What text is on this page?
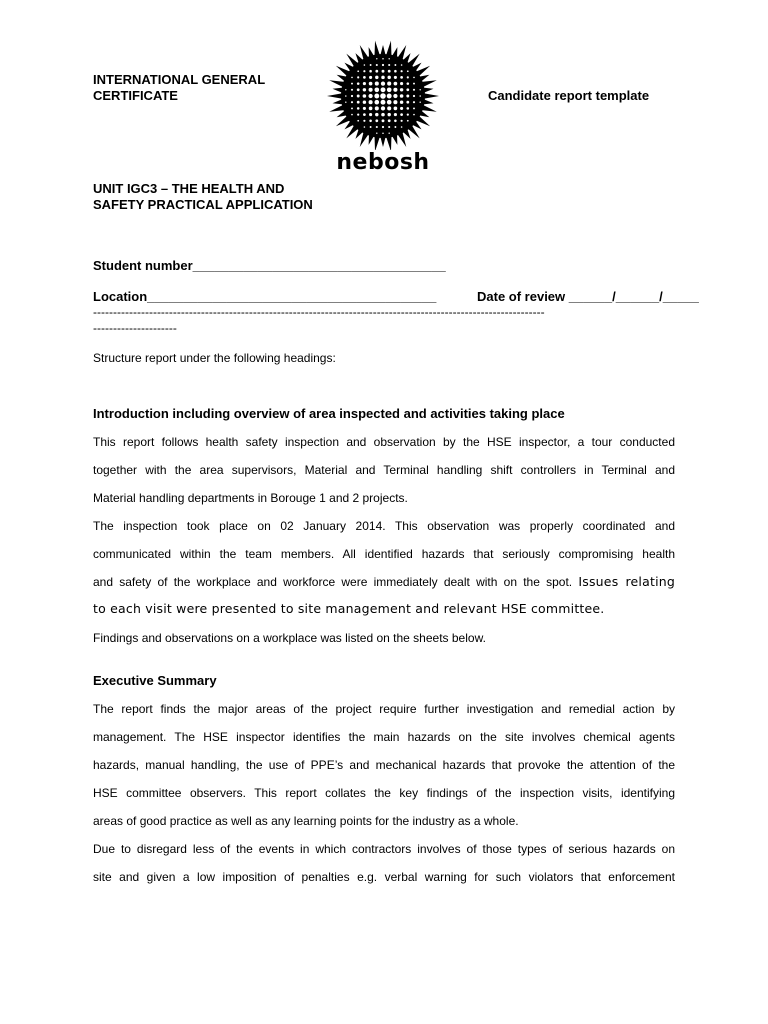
INTERNATIONAL GENERAL
CERTIFICATE
nebosh
Candidate report template
UNIT IGC3 – THE HEALTH AND
SAFETY PRACTICAL APPLICATION
Student number___________________________________
Location________________________________________	Date of review ______/______/_____
-----------------------------------------------------------------------------------------------------------------
---------------------
Structure report under the following headings:
Introduction including overview of area inspected and activities taking place
This report follows health safety inspection and observation by the HSE inspector, a tour conducted
together with the area supervisors, Material and Terminal handling shift controllers in Terminal and
Material handling departments in Borouge 1 and 2 projects.
The inspection took place on 02 January 2014. This observation was properly coordinated and
communicated within the team members. All identified hazards that seriously compromising health
and safety of the workplace and workforce were immediately dealt with on the spot. Issues relating
to each visit were presented to site management and relevant HSE committee.
Findings and observations on a workplace was listed on the sheets below.
Executive Summary
The report finds the major areas of the project require further investigation and remedial action by
management. The HSE inspector identifies the main hazards on the site involves chemical agents
hazards, manual handling, the use of PPE’s and mechanical hazards that provoke the attention of the
HSE committee observers. This report collates the key findings of the inspection visits, identifying
areas of good practice as well as any learning points for the industry as a whole.
Due to disregard less of the events in which contractors involves of those types of serious hazards on
site and given a low imposition of penalties e.g. verbal warning for such violators that enforcement
